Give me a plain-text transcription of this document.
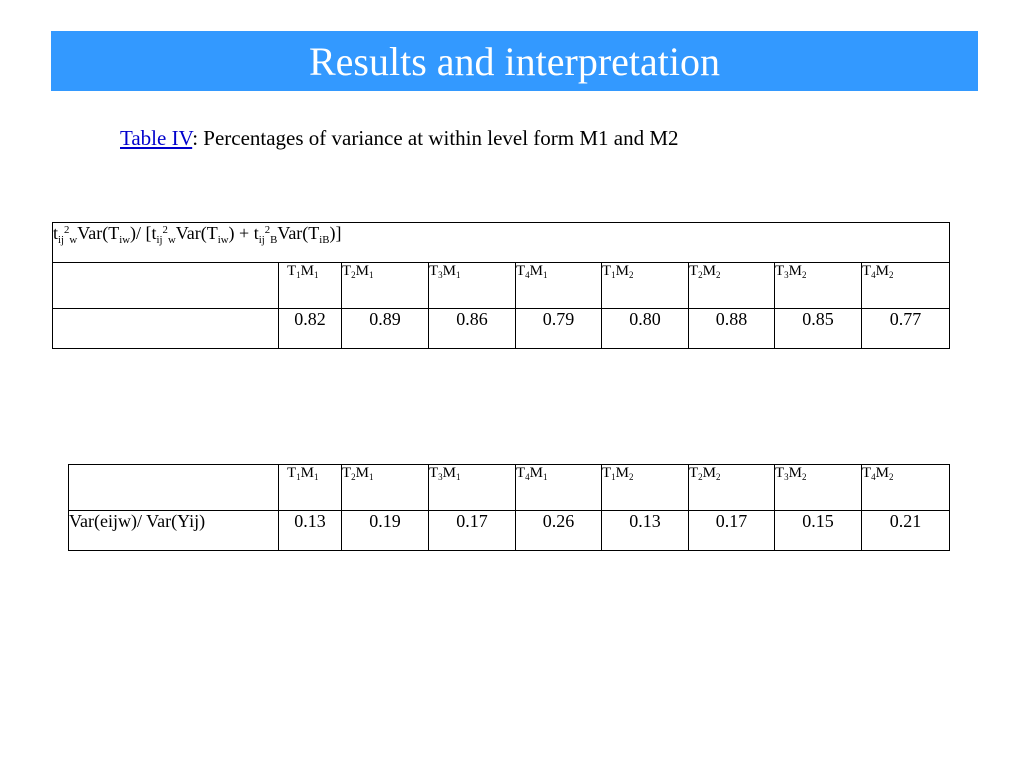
Results and interpretation
Table IV: Percentages of variance at within level form M1 and M2
$t_{ij}^2_wVar(T_{iw})/$ $[t_{ij}^2_wVar(T_{iw}) + t_{ij}^2_BVar(T_{iB})]$								
	$T_1M_1$	$T_2M_1$	$T_3M_1$	$T_4M_1$	$T_1M_2$	$T_2M_2$	$T_3M_2$	$T_4M_2$
	0.82	0.89	0.86	0.79	0.80	0.88	0.85	0.77
	$T_1M_1$	$T_2M_1$	$T_3M_1$	$T_4M_1$	$T_1M_2$	$T_2M_2$	$T_3M_2$	$T_4M_2$
Var(eijw)/ Var(Yij)	0.13	0.19	0.17	0.26	0.13	0.17	0.15	0.21
